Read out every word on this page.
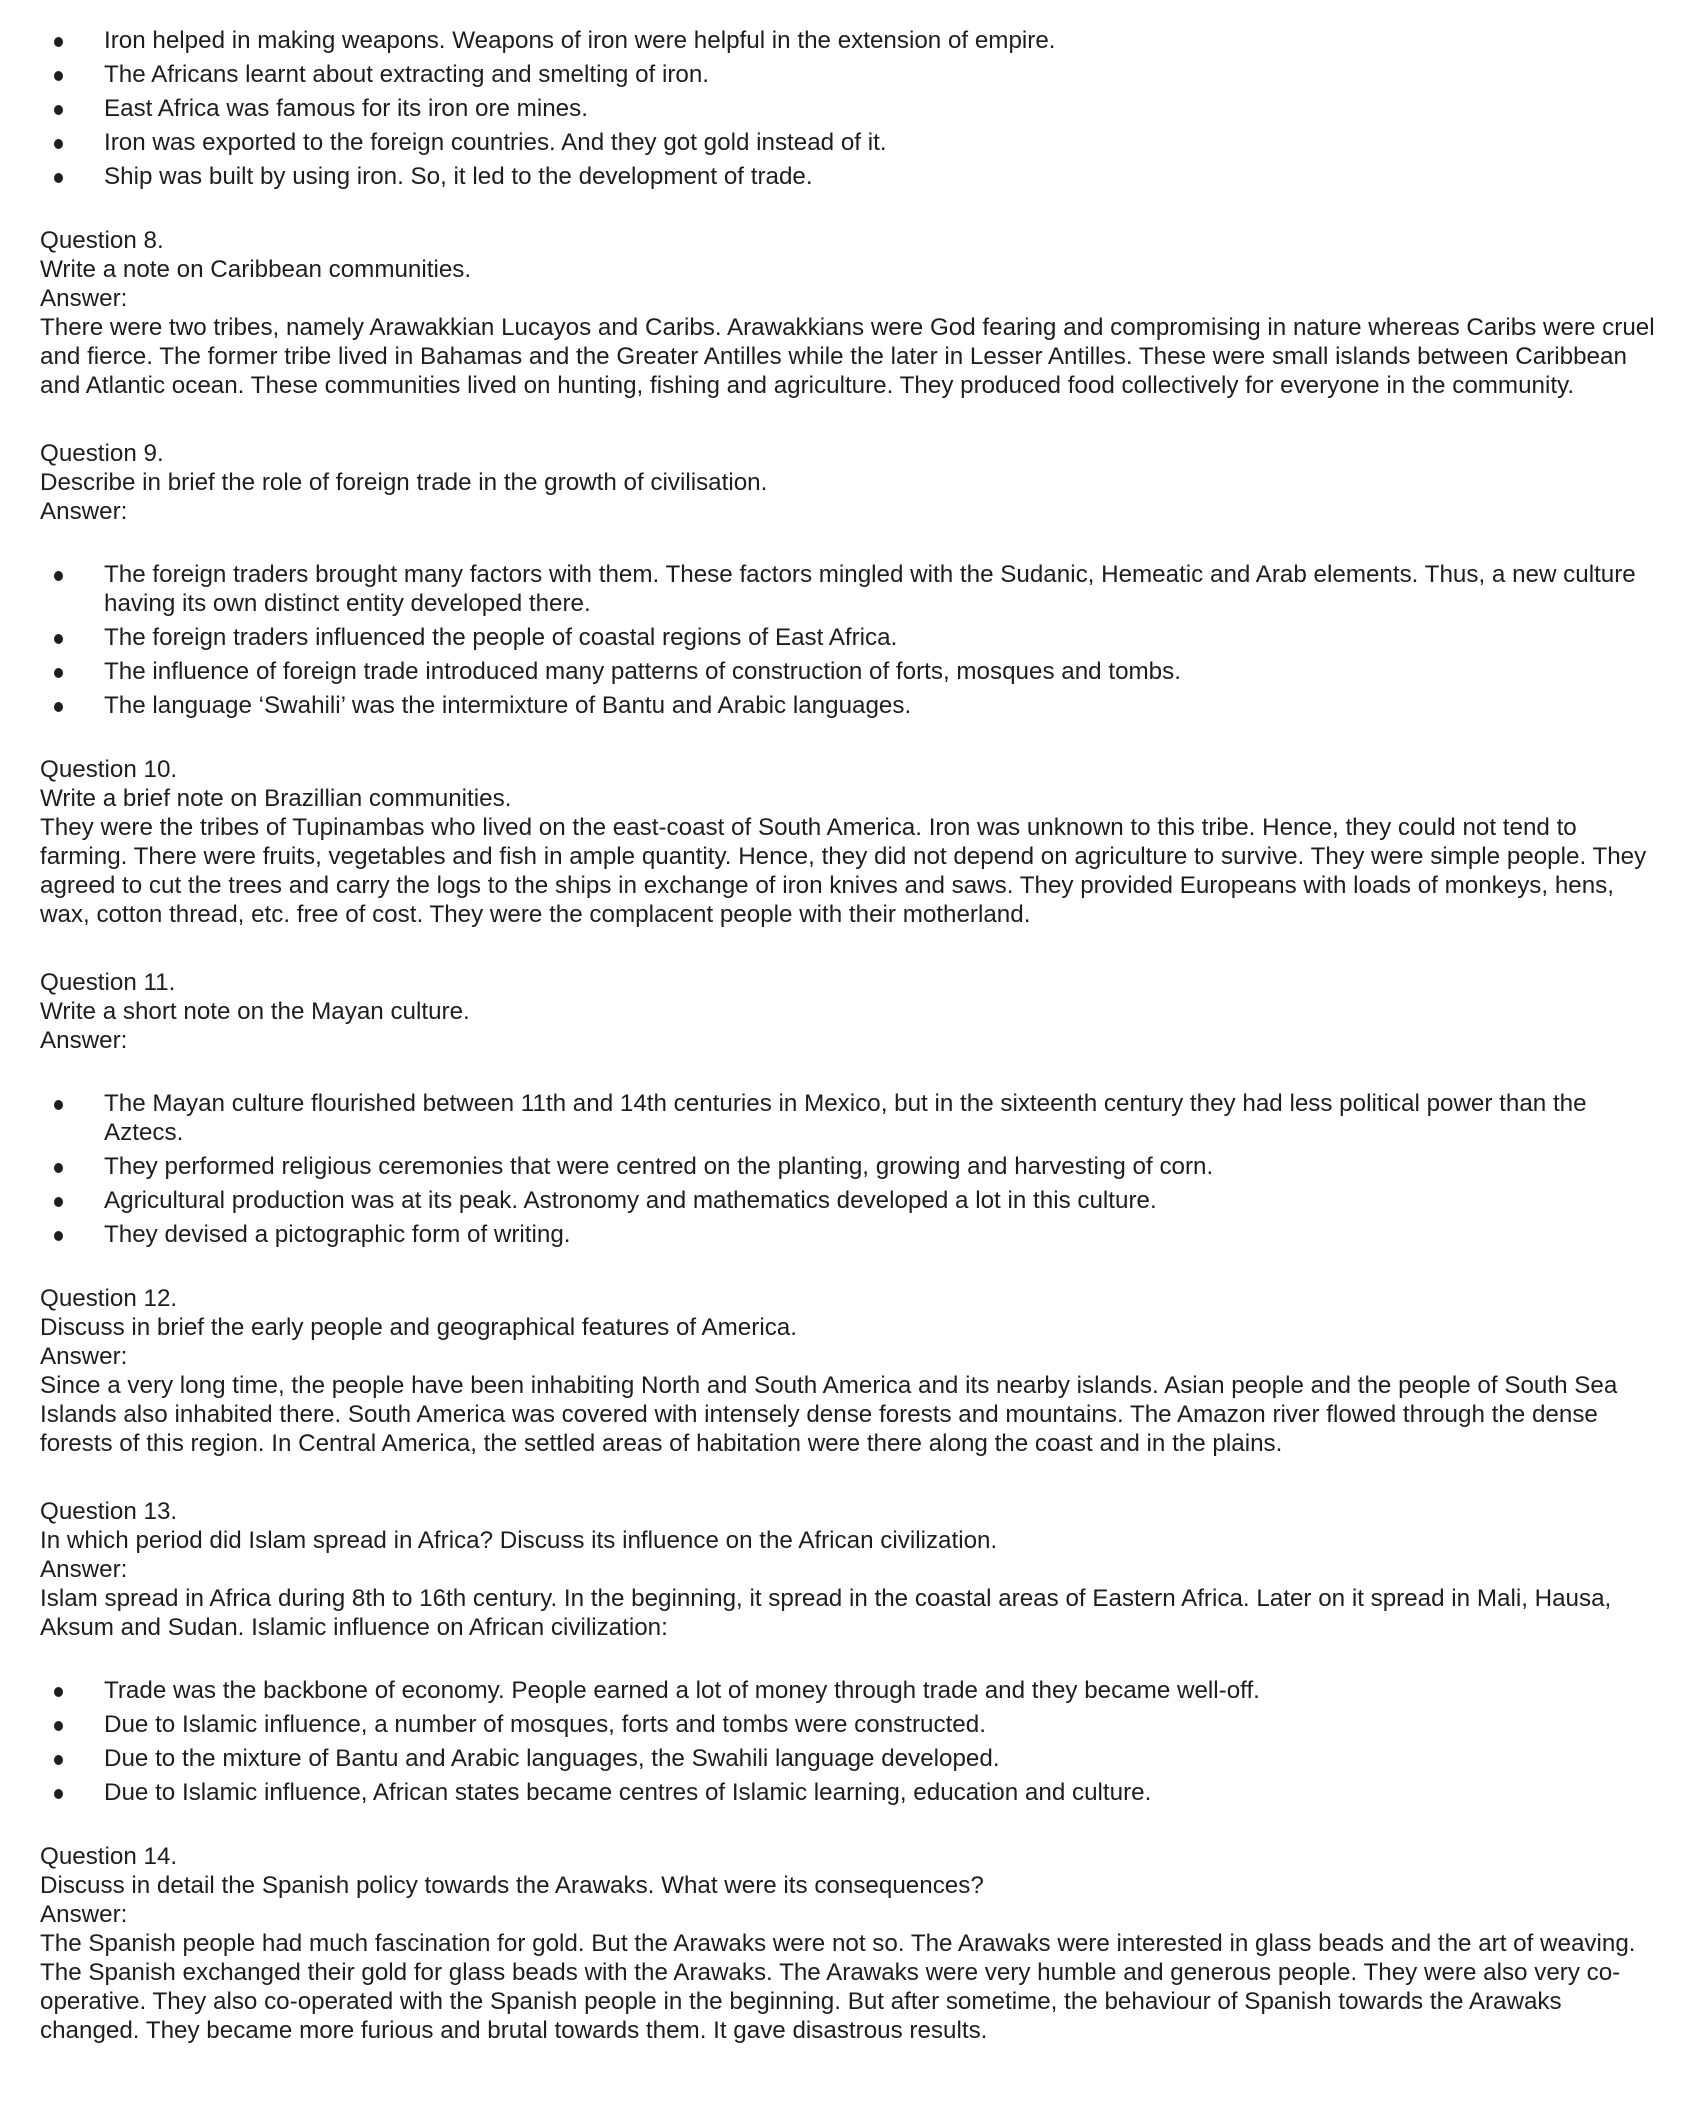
Iron helped in making weapons. Weapons of iron were helpful in the extension of empire.
The Africans learnt about extracting and smelting of iron.
East Africa was famous for its iron ore mines.
Iron was exported to the foreign countries. And they got gold instead of it.
Ship was built by using iron. So, it led to the development of trade.
Question 8.
Write a note on Caribbean communities.
Answer:
There were two tribes, namely Arawakkian Lucayos and Caribs. Arawakkians were God fearing and compromising in nature whereas Caribs were cruel and fierce. The former tribe lived in Bahamas and the Greater Antilles while the later in Lesser Antilles. These were small islands between Caribbean and Atlantic ocean. These communities lived on hunting, fishing and agriculture. They produced food collectively for everyone in the community.
Question 9.
Describe in brief the role of foreign trade in the growth of civilisation.
Answer:
The foreign traders brought many factors with them. These factors mingled with the Sudanic, Hemeatic and Arab elements. Thus, a new culture having its own distinct entity developed there.
The foreign traders influenced the people of coastal regions of East Africa.
The influence of foreign trade introduced many patterns of construction of forts, mosques and tombs.
The language ‘Swahili’ was the intermixture of Bantu and Arabic languages.
Question 10.
Write a brief note on Brazillian communities.
They were the tribes of Tupinambas who lived on the east-coast of South America. Iron was unknown to this tribe. Hence, they could not tend to farming. There were fruits, vegetables and fish in ample quantity. Hence, they did not depend on agriculture to survive. They were simple people. They agreed to cut the trees and carry the logs to the ships in exchange of iron knives and saws. They provided Europeans with loads of monkeys, hens, wax, cotton thread, etc. free of cost. They were the complacent people with their motherland.
Question 11.
Write a short note on the Mayan culture.
Answer:
The Mayan culture flourished between 11th and 14th centuries in Mexico, but in the sixteenth century they had less political power than the Aztecs.
They performed religious ceremonies that were centred on the planting, growing and harvesting of corn.
Agricultural production was at its peak. Astronomy and mathematics developed a lot in this culture.
They devised a pictographic form of writing.
Question 12.
Discuss in brief the early people and geographical features of America.
Answer:
Since a very long time, the people have been inhabiting North and South America and its nearby islands. Asian people and the people of South Sea Islands also inhabited there. South America was covered with intensely dense forests and mountains. The Amazon river flowed through the dense forests of this region. In Central America, the settled areas of habitation were there along the coast and in the plains.
Question 13.
In which period did Islam spread in Africa? Discuss its influence on the African civilization.
Answer:
Islam spread in Africa during 8th to 16th century. In the beginning, it spread in the coastal areas of Eastern Africa. Later on it spread in Mali, Hausa, Aksum and Sudan. Islamic influence on African civilization:
Trade was the backbone of economy. People earned a lot of money through trade and they became well-off.
Due to Islamic influence, a number of mosques, forts and tombs were constructed.
Due to the mixture of Bantu and Arabic languages, the Swahili language developed.
Due to Islamic influence, African states became centres of Islamic learning, education and culture.
Question 14.
Discuss in detail the Spanish policy towards the Arawaks. What were its consequences?
Answer:
The Spanish people had much fascination for gold. But the Arawaks were not so. The Arawaks were interested in glass beads and the art of weaving. The Spanish exchanged their gold for glass beads with the Arawaks. The Arawaks were very humble and generous people. They were also very co-operative. They also co-operated with the Spanish people in the beginning. But after sometime, the behaviour of Spanish towards the Arawaks changed. They became more furious and brutal towards them. It gave disastrous results.
